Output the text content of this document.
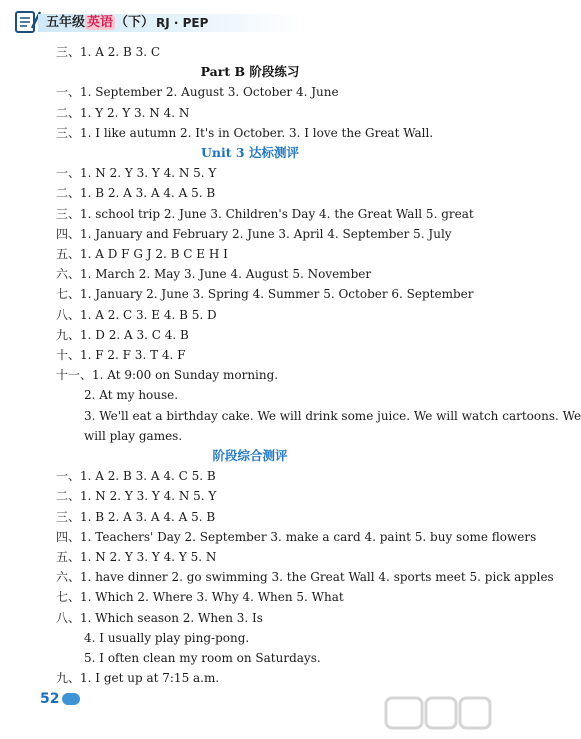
五年级 英语 （下） RJ · PEP
三、1. A 2. B 3. C
Part B 阶段练习
一、1. September 2. August 3. October 4. June
二、1. Y 2. Y 3. N 4. N
三、1. I like autumn 2. It's in October. 3. I love the Great Wall.
Unit 3 达标测评
一、1. N 2. Y 3. Y 4. N 5. Y
二、1. B 2. A 3. A 4. A 5. B
三、1. school trip 2. June 3. Children's Day 4. the Great Wall 5. great
四、1. January and February 2. June 3. April 4. September 5. July
五、1. A D F G J 2. B C E H I
六、1. March 2. May 3. June 4. August 5. November
七、1. January 2. June 3. Spring 4. Summer 5. October 6. September
八、1. A 2. C 3. E 4. B 5. D
九、1. D 2. A 3. C 4. B
十、1. F 2. F 3. T 4. F
十一、1. At 9:00 on Sunday morning.
2. At my house.
3. We'll eat a birthday cake. We will drink some juice. We will watch cartoons. We
will play games.
阶段综合测评
一、1. A 2. B 3. A 4. C 5. B
二、1. N 2. Y 3. Y 4. N 5. Y
三、1. B 2. A 3. A 4. A 5. B
四、1. Teachers' Day 2. September 3. make a card 4. paint 5. buy some flowers
五、1. N 2. Y 3. Y 4. Y 5. N
六、1. have dinner 2. go swimming 3. the Great Wall 4. sports meet 5. pick apples
七、1. Which 2. Where 3. Why 4. When 5. What
八、1. Which season 2. When 3. Is
4. I usually play ping-pong.
5. I often clean my room on Saturdays.
九、1. I get up at 7:15 a.m.
52
